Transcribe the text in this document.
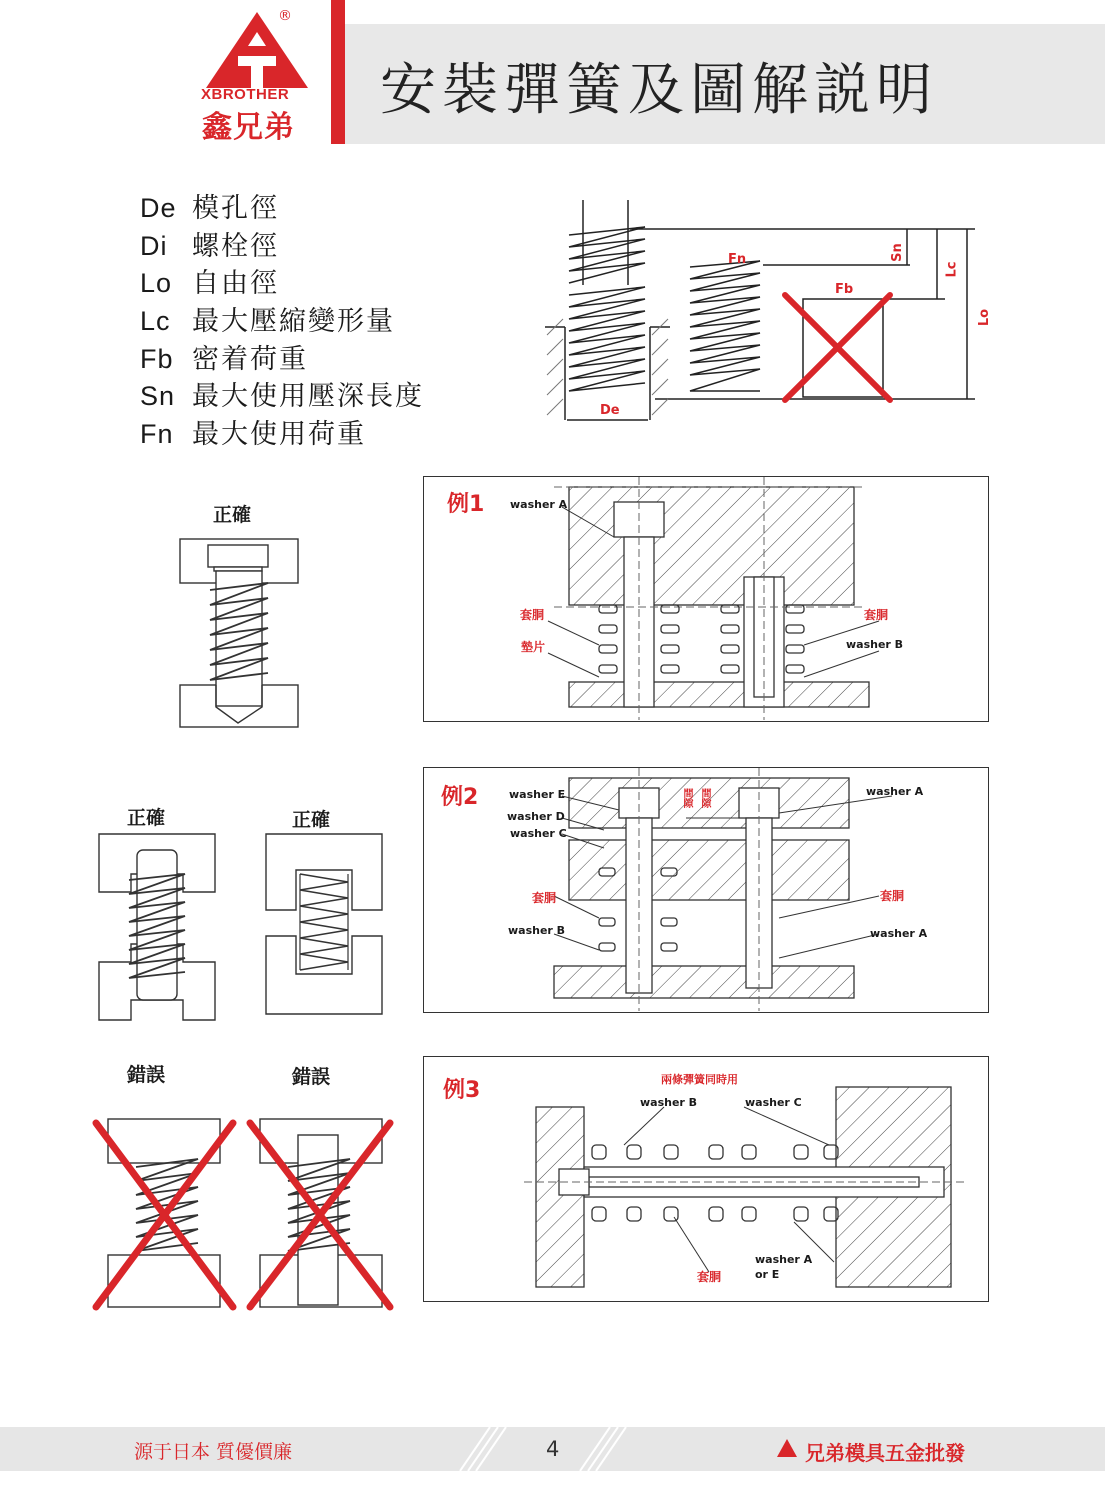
®
XBROTHER
鑫兄弟
安裝彈簧及圖解説明
De 模孔徑
Di 螺栓徑
Lo 自由徑
Lc 最大壓縮變形量
Fb 密着荷重
Sn 最大使用壓深長度
Fn 最大使用荷重
De
Fn
Fb
Sn
Lc
Lo
正確
正確	正確
錯誤	錯誤
例1 washer A
套胴
墊片
套胴
washer B
例2	washer E
washer D
washer C
washer A
套胴	套胴
washer B	washer A
間隙 間隙
例3	兩條彈簧同時用
washer B	washer C
washer A
or E
套胴
源于日本 質優價廉	4	兄弟模具五金批發
